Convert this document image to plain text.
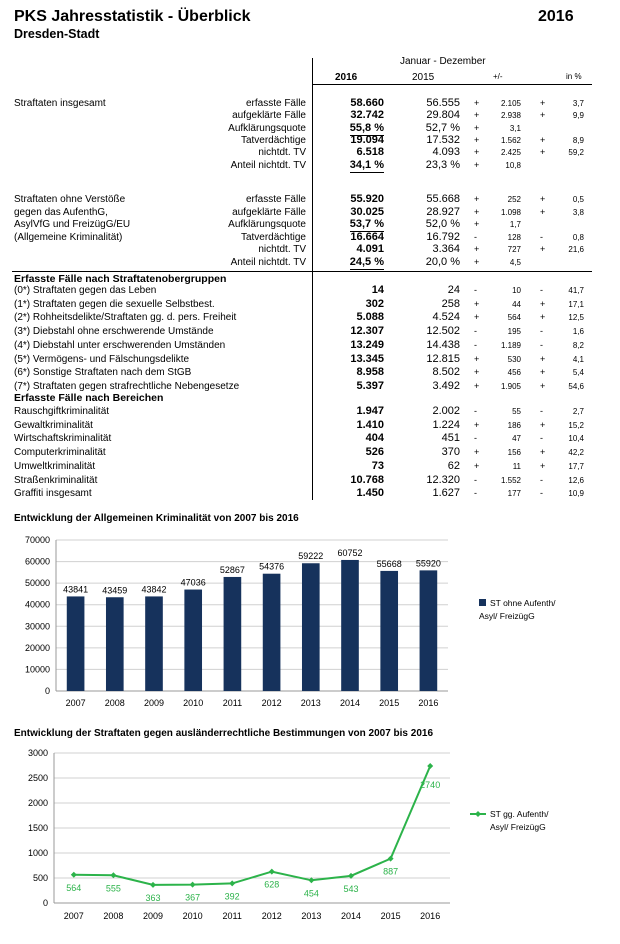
PKS Jahresstatistik - Überblick	2016
Dresden-Stadt
Januar - Dezember
2016	2015	+/-	in %
Straftaten insgesamt	erfasste Fälle	58.660	56.555 +	2.105 +	3,7
aufgeklärte Fälle	32.742	29.804 +	2.938 +	9,9
Aufklärungsquote	55,8 %	52,7 % +	3,1
Tatverdächtige	19.094	17.532 +	1.562 +	8,9
nichtdt. TV	6.518	4.093 +	2.425 +	59,2
Anteil nichtdt. TV	34,1 %	23,3 % +	10,8
Straftaten ohne Verstöße
gegen das AufenthG,
AsylVfG und FreizügG/EU
(Allgemeine Kriminalität)
erfasste Fälle	55.920	55.668 +	252 +	0,5
aufgeklärte Fälle	30.025	28.927 +	1.098 +	3,8
Aufklärungsquote	53,7 %	52,0 % +	1,7
Tatverdächtige	16.664	16.792 -	128 -	0,8
nichtdt. TV	4.091	3.364 +	727 +	21,6
Anteil nichtdt. TV	24,5 %	20,0 % +	4,5
Erfasste Fälle nach Straftatenobergruppen
(0*) Straftaten gegen das Leben	14	24 -	10 -	41,7
(1*) Straftaten gegen die sexuelle Selbstbest.	302	258 +	44 +	17,1
(2*) Rohheitsdelikte/Straftaten gg. d. pers. Freiheit	5.088	4.524 +	564 +	12,5
(3*) Diebstahl ohne erschwerende Umstände	12.307	12.502 -	195 -	1,6
(4*) Diebstahl unter erschwerenden Umständen	13.249	14.438 -	1.189 -	8,2
(5*) Vermögens- und Fälschungsdelikte	13.345	12.815 +	530 +	4,1
(6*) Sonstige Straftaten nach dem StGB	8.958	8.502 +	456 +	5,4
(7*) Straftaten gegen strafrechtliche Nebengesetze	5.397	3.492 +	1.905 +	54,6
Erfasste Fälle nach Bereichen
Rauschgiftkriminalität	1.947	2.002 -	55 -	2,7
Gewaltkriminalität	1.410	1.224 +	186 +	15,2
Wirtschaftskriminalität	404	451 -	47 -	10,4
Computerkriminalität	526	370 +	156 +	42,2
Umweltkriminalität	73	62 +	11 +	17,7
Straßenkriminalität	10.768	12.320 -	1.552 -	12,6
Graffiti insgesamt	1.450	1.627 -	177 -	10,9
Entwicklung der Allgemeinen Kriminalität von 2007 bis 2016
0
10000
20000
30000
40000
50000
60000
70000
43841
2007
43459
2008
43842
2009
47036
2010
52867
2011
54376
2012
59222
2013
60752
2014
55668
2015
55920
2016
ST ohne Aufenth/
Asyl/ FreizügG
Entwicklung der Straftaten gegen ausländerrechtliche Bestimmungen von 2007 bis 2016
0
500
1000
1500
2000
2500
3000
564
2007
555
2008
363
2009
367
2010
392
2011
628
2012
454
2013
543
2014
887
2015
2740
2016
ST gg. Aufenth/
Asyl/ FreizügG
